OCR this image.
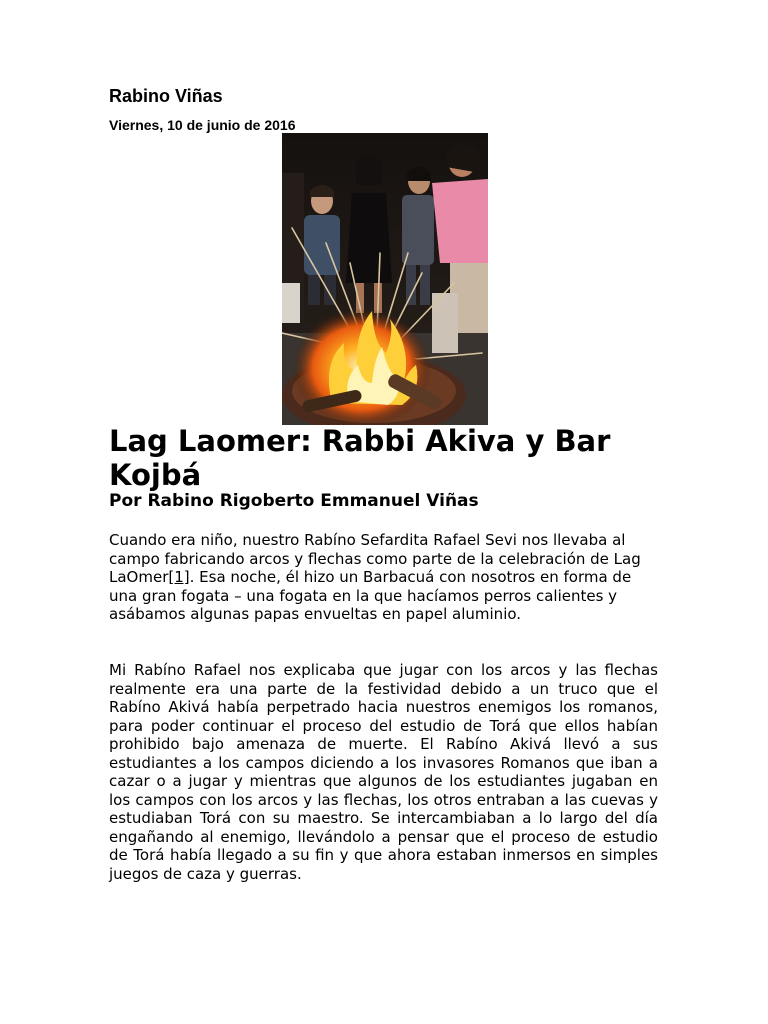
Rabino Viñas
Viernes, 10 de junio de 2016
Lag Laomer: Rabbi Akiva y Bar Kojbá
Por Rabino Rigoberto Emmanuel Viñas

Cuando era niño, nuestro Rabíno Sefardita Rafael Sevi nos llevaba al campo fabricando arcos y flechas como parte de la celebración de Lag LaOmer[1]. Esa noche, él hizo un Barbacuá con nosotros en forma de una gran fogata – una fogata en la que hacíamos perros calientes y asábamos algunas papas envueltas en papel aluminio.

Mi Rabíno Rafael nos explicaba que jugar con los arcos y las flechas realmente era una parte de la festividad debido a un truco que el Rabíno Akivá había perpetrado hacia nuestros enemigos los romanos, para poder continuar el proceso del estudio de Torá que ellos habían prohibido bajo amenaza de muerte. El Rabíno Akivá llevó a sus estudiantes a los campos diciendo a los invasores Romanos que iban a cazar o a jugar y mientras que algunos de los estudiantes jugaban en los campos con los arcos y las flechas, los otros entraban a las cuevas y estudiaban Torá con su maestro. Se intercambiaban a lo largo del día engañando al enemigo, llevándolo a pensar que el proceso de estudio de Torá había llegado a su fin y que ahora estaban inmersos en simples juegos de caza y guerras.
